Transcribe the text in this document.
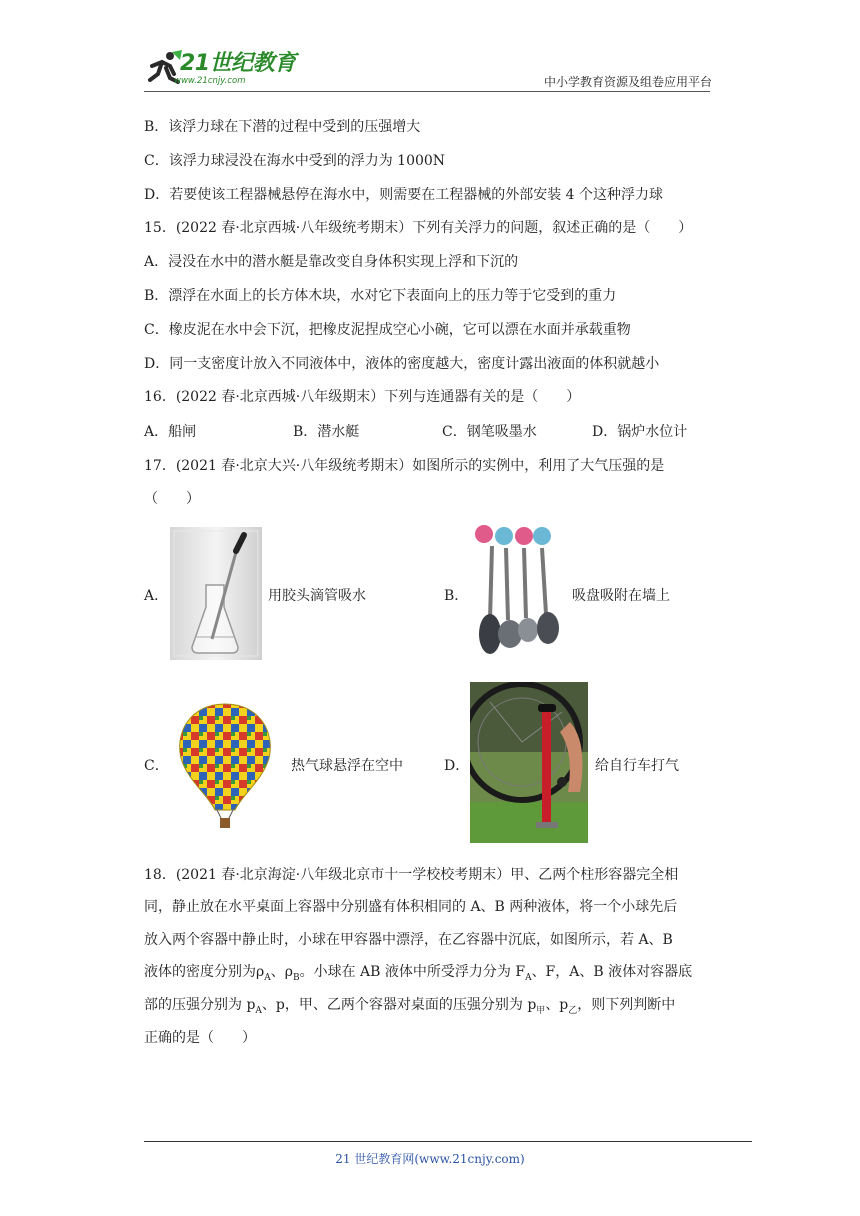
21世纪教育
www.21cnjy.com	中小学教育资源及组卷应用平台
B．该浮力球在下潜的过程中受到的压强增大
C．该浮力球浸没在海水中受到的浮力为 1000N
D．若要使该工程器械悬停在海水中，则需要在工程器械的外部安装 4 个这种浮力球
15．(2022 春·北京西城·八年级统考期末）下列有关浮力的问题，叙述正确的是（　　）
A．浸没在水中的潜水艇是靠改变自身体积实现上浮和下沉的
B．漂浮在水面上的长方体木块，水对它下表面向上的压力等于它受到的重力
C．橡皮泥在水中会下沉，把橡皮泥捏成空心小碗，它可以漂在水面并承载重物
D．同一支密度计放入不同液体中，液体的密度越大，密度计露出液面的体积就越小
16．(2022 春·北京西城·八年级期末）下列与连通器有关的是（　　）
A．船闸	B．潜水艇	C．钢笔吸墨水	D．锅炉水位计
17．(2021 春·北京大兴·八年级统考期末）如图所示的实例中，利用了大气压强的是
（　　）
A．	用胶头滴管吸水	B．	吸盘吸附在墙上
C．	热气球悬浮在空中	D．	给自行车打气
18．(2021 春·北京海淀·八年级北京市十一学校校考期末）甲、乙两个柱形容器完全相
同，静止放在水平桌面上容器中分别盛有体积相同的 A、B 两种液体，将一个小球先后
放入两个容器中静止时，小球在甲容器中漂浮，在乙容器中沉底，如图所示，若 A、B
液体的密度分别为$\rho_A$、$\rho_B$。小球在 AB 液体中所受浮力分为 $F_A$、F，A、B 液体对容器底
部的压强分别为 $p_A$、p，甲、乙两个容器对桌面的压强分别为 $p_甲$、$p_乙$，则下列判断中
正确的是（　　）
21 世纪教育网(www.21cnjy.com)
